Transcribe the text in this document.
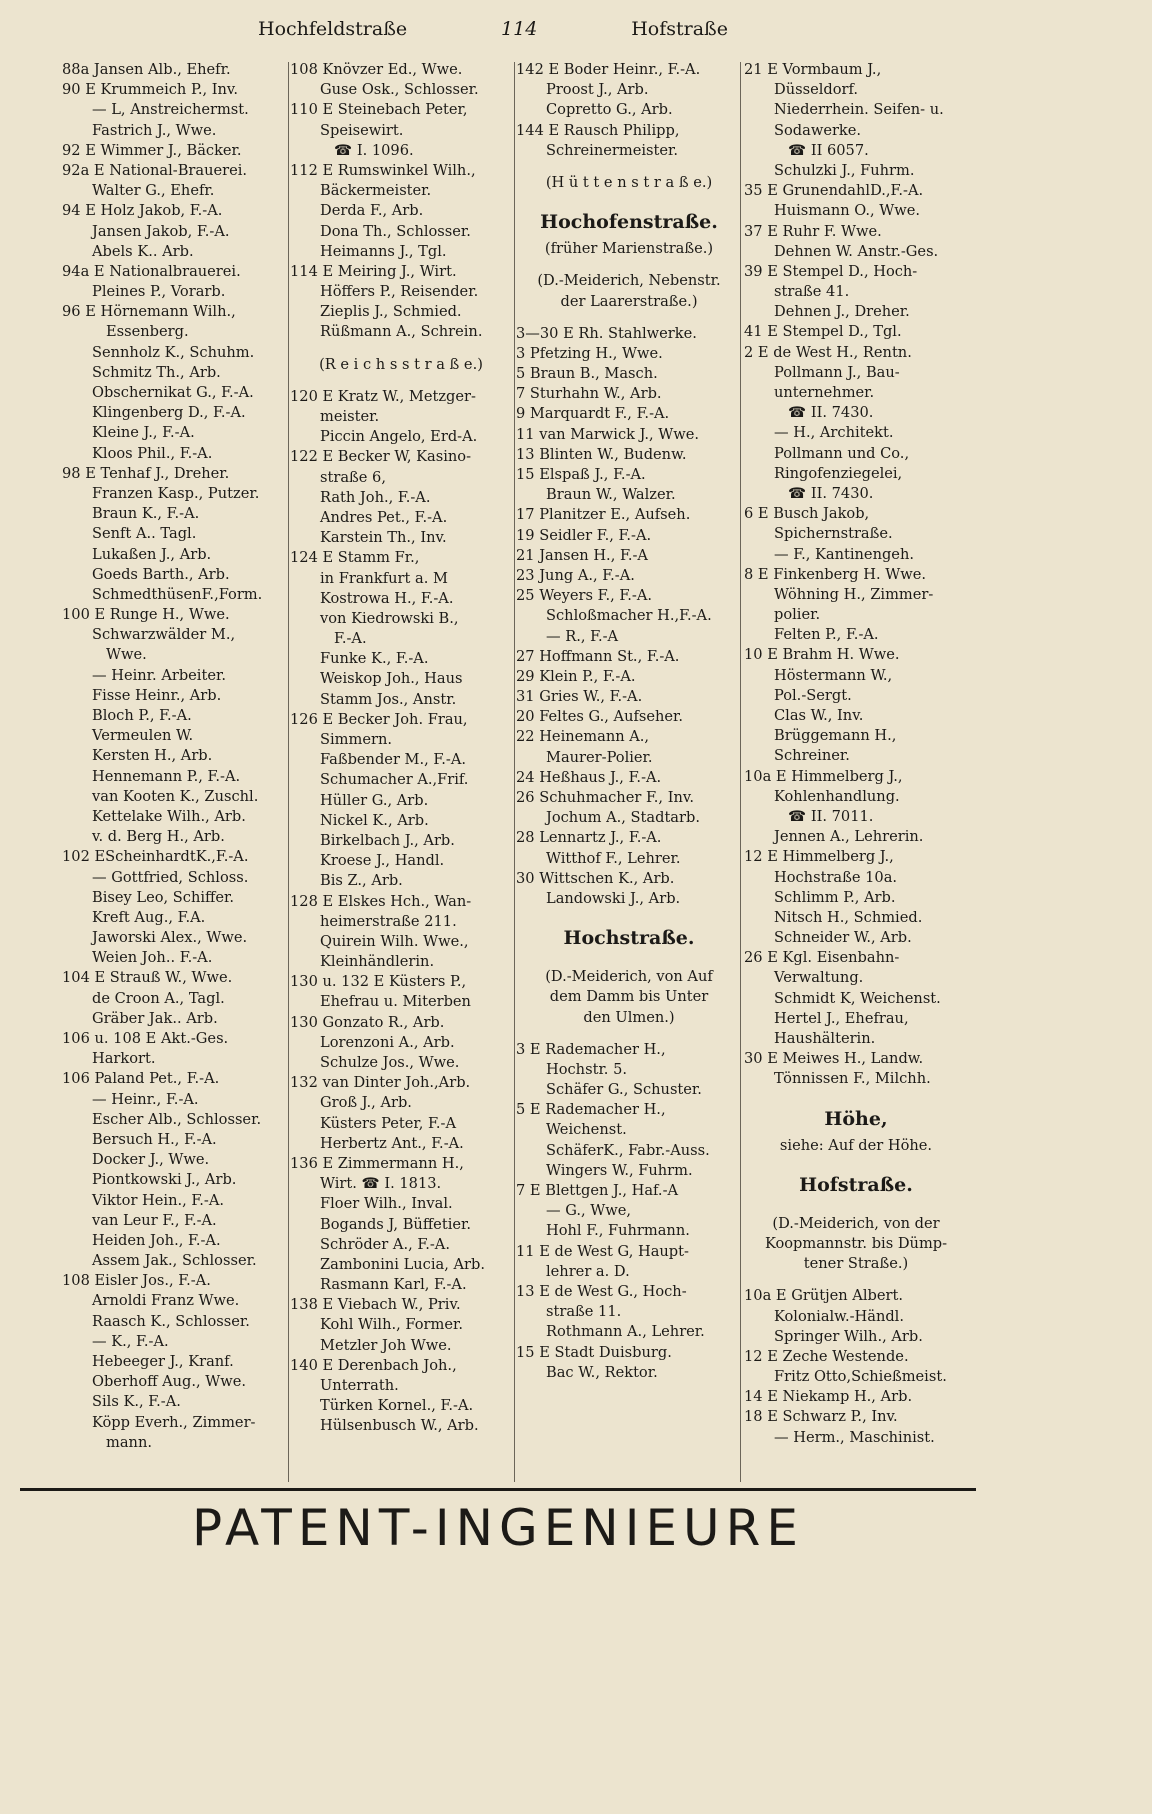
Hochfeldstraße	114	Hofstraße
88a Jansen Alb., Ehefr.
90 E Krummeich P., Inv.
— L, Anstreichermst.
Fastrich J., Wwe.
92 E Wimmer J., Bäcker.
92a E National-Brauerei.
Walter G., Ehefr.
94 E Holz Jakob, F.-A.
Jansen Jakob, F.-A.
Abels K.. Arb.
94a E Nationalbrauerei.
Pleines P., Vorarb.
96 E Hörnemann Wilh.,
Essenberg.
Sennholz K., Schuhm.
Schmitz Th., Arb.
Obschernikat G., F.-A.
Klingenberg D., F.-A.
Kleine J., F.-A.
Kloos Phil., F.-A.
98 E Tenhaf J., Dreher.
Franzen Kasp., Putzer.
Braun K., F.-A.
Senft A.. Tagl.
Lukaßen J., Arb.
Goeds Barth., Arb.
SchmedthüsenF.,Form.
100 E Runge H., Wwe.
Schwarzwälder M.,
Wwe.
— Heinr. Arbeiter.
Fisse Heinr., Arb.
Bloch P., F.-A.
Vermeulen W.
Kersten H., Arb.
Hennemann P., F.-A.
van Kooten K., Zuschl.
Kettelake Wilh., Arb.
v. d. Berg H., Arb.
102 EScheinhardtK.,F.-A.
— Gottfried, Schloss.
Bisey Leo, Schiffer.
Kreft Aug., F.A.
Jaworski Alex., Wwe.
Weien Joh.. F.-A.
104 E Strauß W., Wwe.
de Croon A., Tagl.
Gräber Jak.. Arb.
106 u. 108 E Akt.-Ges.
Harkort.
106 Paland Pet., F.-A.
— Heinr., F.-A.
Escher Alb., Schlosser.
Bersuch H., F.-A.
Docker J., Wwe.
Piontkowski J., Arb.
Viktor Hein., F.-A.
van Leur F., F.-A.
Heiden Joh., F.-A.
Assem Jak., Schlosser.
108 Eisler Jos., F.-A.
Arnoldi Franz Wwe.
Raasch K., Schlosser.
— K., F.-A.
Hebeeger J., Kranf.
Oberhoff Aug., Wwe.
Sils K., F.-A.
Köpp Everh., Zimmer-
mann.
108 Knövzer Ed., Wwe.
Guse Osk., Schlosser.
110 E Steinebach Peter,
Speisewirt.
☎ I. 1096.
112 E Rumswinkel Wilh.,
Bäckermeister.
Derda F., Arb.
Dona Th., Schlosser.
Heimanns J., Tgl.
114 E Meiring J., Wirt.
Höffers P., Reisender.
Zieplis J., Schmied.
Rüßmann A., Schrein.
(R e i c h s s t r a ß e.)
120 E Kratz W., Metzger-
meister.
Piccin Angelo, Erd-A.
122 E Becker W, Kasino-
straße 6,
Rath Joh., F.-A.
Andres Pet., F.-A.
Karstein Th., Inv.
124 E Stamm Fr.,
in Frankfurt a. M
Kostrowa H., F.-A.
von Kiedrowski B.,
F.-A.
Funke K., F.-A.
Weiskop Joh., Haus
Stamm Jos., Anstr.
126 E Becker Joh. Frau,
Simmern.
Faßbender M., F.-A.
Schumacher A.,Frif.
Hüller G., Arb.
Nickel K., Arb.
Birkelbach J., Arb.
Kroese J., Handl.
Bis Z., Arb.
128 E Elskes Hch., Wan-
heimerstraße 211.
Quirein Wilh. Wwe.,
Kleinhändlerin.
130 u. 132 E Küsters P.,
Ehefrau u. Miterben
130 Gonzato R., Arb.
Lorenzoni A., Arb.
Schulze Jos., Wwe.
132 van Dinter Joh.,Arb.
Groß J., Arb.
Küsters Peter, F.-A
Herbertz Ant., F.-A.
136 E Zimmermann H.,
Wirt. ☎ I. 1813.
Floer Wilh., Inval.
Bogands J, Büffetier.
Schröder A., F.-A.
Zambonini Lucia, Arb.
Rasmann Karl, F.-A.
138 E Viebach W., Priv.
Kohl Wilh., Former.
Metzler Joh Wwe.
140 E Derenbach Joh.,
Unterrath.
Türken Kornel., F.-A.
Hülsenbusch W., Arb.
142 E Boder Heinr., F.-A.
Proost J., Arb.
Copretto G., Arb.
144 E Rausch Philipp,
Schreinermeister.
(H ü t t e n s t r a ß e.)
Hochofenstraße.
(früher Marienstraße.)
(D.-Meiderich, Nebenstr.
der Laarerstraße.)
3—30 E Rh. Stahlwerke.
3 Pfetzing H., Wwe.
5 Braun B., Masch.
7 Sturhahn W., Arb.
9 Marquardt F., F.-A.
11 van Marwick J., Wwe.
13 Blinten W., Budenw.
15 Elspaß J., F.-A.
Braun W., Walzer.
17 Planitzer E., Aufseh.
19 Seidler F., F.-A.
21 Jansen H., F.-A
23 Jung A., F.-A.
25 Weyers F., F.-A.
Schloßmacher H.,F.-A.
— R., F.-A
27 Hoffmann St., F.-A.
29 Klein P., F.-A.
31 Gries W., F.-A.
20 Feltes G., Aufseher.
22 Heinemann A.,
Maurer-Polier.
24 Heßhaus J., F.-A.
26 Schuhmacher F., Inv.
Jochum A., Stadtarb.
28 Lennartz J., F.-A.
Witthof F., Lehrer.
30 Wittschen K., Arb.
Landowski J., Arb.
Hochstraße.
(D.-Meiderich, von Auf
dem Damm bis Unter
den Ulmen.)
3 E Rademacher H.,
Hochstr. 5.
Schäfer G., Schuster.
5 E Rademacher H.,
Weichenst.
SchäferK., Fabr.-Auss.
Wingers W., Fuhrm.
7 E Blettgen J., Haf.-A
— G., Wwe,
Hohl F., Fuhrmann.
11 E de West G, Haupt-
lehrer a. D.
13 E de West G., Hoch-
straße 11.
Rothmann A., Lehrer.
15 E Stadt Duisburg.
Bac W., Rektor.
21 E Vormbaum J.,
Düsseldorf.
Niederrhein. Seifen- u.
Sodawerke.
☎ II 6057.
Schulzki J., Fuhrm.
35 E GrunendahlD.,F.-A.
Huismann O., Wwe.
37 E Ruhr F. Wwe.
Dehnen W. Anstr.-Ges.
39 E Stempel D., Hoch-
straße 41.
Dehnen J., Dreher.
41 E Stempel D., Tgl.
2 E de West H., Rentn.
Pollmann J., Bau-
unternehmer.
☎ II. 7430.
— H., Architekt.
Pollmann und Co.,
Ringofenziegelei,
☎ II. 7430.
6 E Busch Jakob,
Spichernstraße.
— F., Kantinengeh.
8 E Finkenberg H. Wwe.
Wöhning H., Zimmer-
polier.
Felten P., F.-A.
10 E Brahm H. Wwe.
Höstermann W.,
Pol.-Sergt.
Clas W., Inv.
Brüggemann H.,
Schreiner.
10a E Himmelberg J.,
Kohlenhandlung.
☎ II. 7011.
Jennen A., Lehrerin.
12 E Himmelberg J.,
Hochstraße 10a.
Schlimm P., Arb.
Nitsch H., Schmied.
Schneider W., Arb.
26 E Kgl. Eisenbahn-
Verwaltung.
Schmidt K, Weichenst.
Hertel J., Ehefrau,
Haushälterin.
30 E Meiwes H., Landw.
Tönnissen F., Milchh.
Höhe,
siehe: Auf der Höhe.
Hofstraße.
(D.-Meiderich, von der
Koopmannstr. bis Dümp-
tener Straße.)
10a E Grütjen Albert.
Kolonialw.-Händl.
Springer Wilh., Arb.
12 E Zeche Westende.
Fritz Otto,Schießmeist.
14 E Niekamp H., Arb.
18 E Schwarz P., Inv.
— Herm., Maschinist.
PATENT-INGENIEURE
